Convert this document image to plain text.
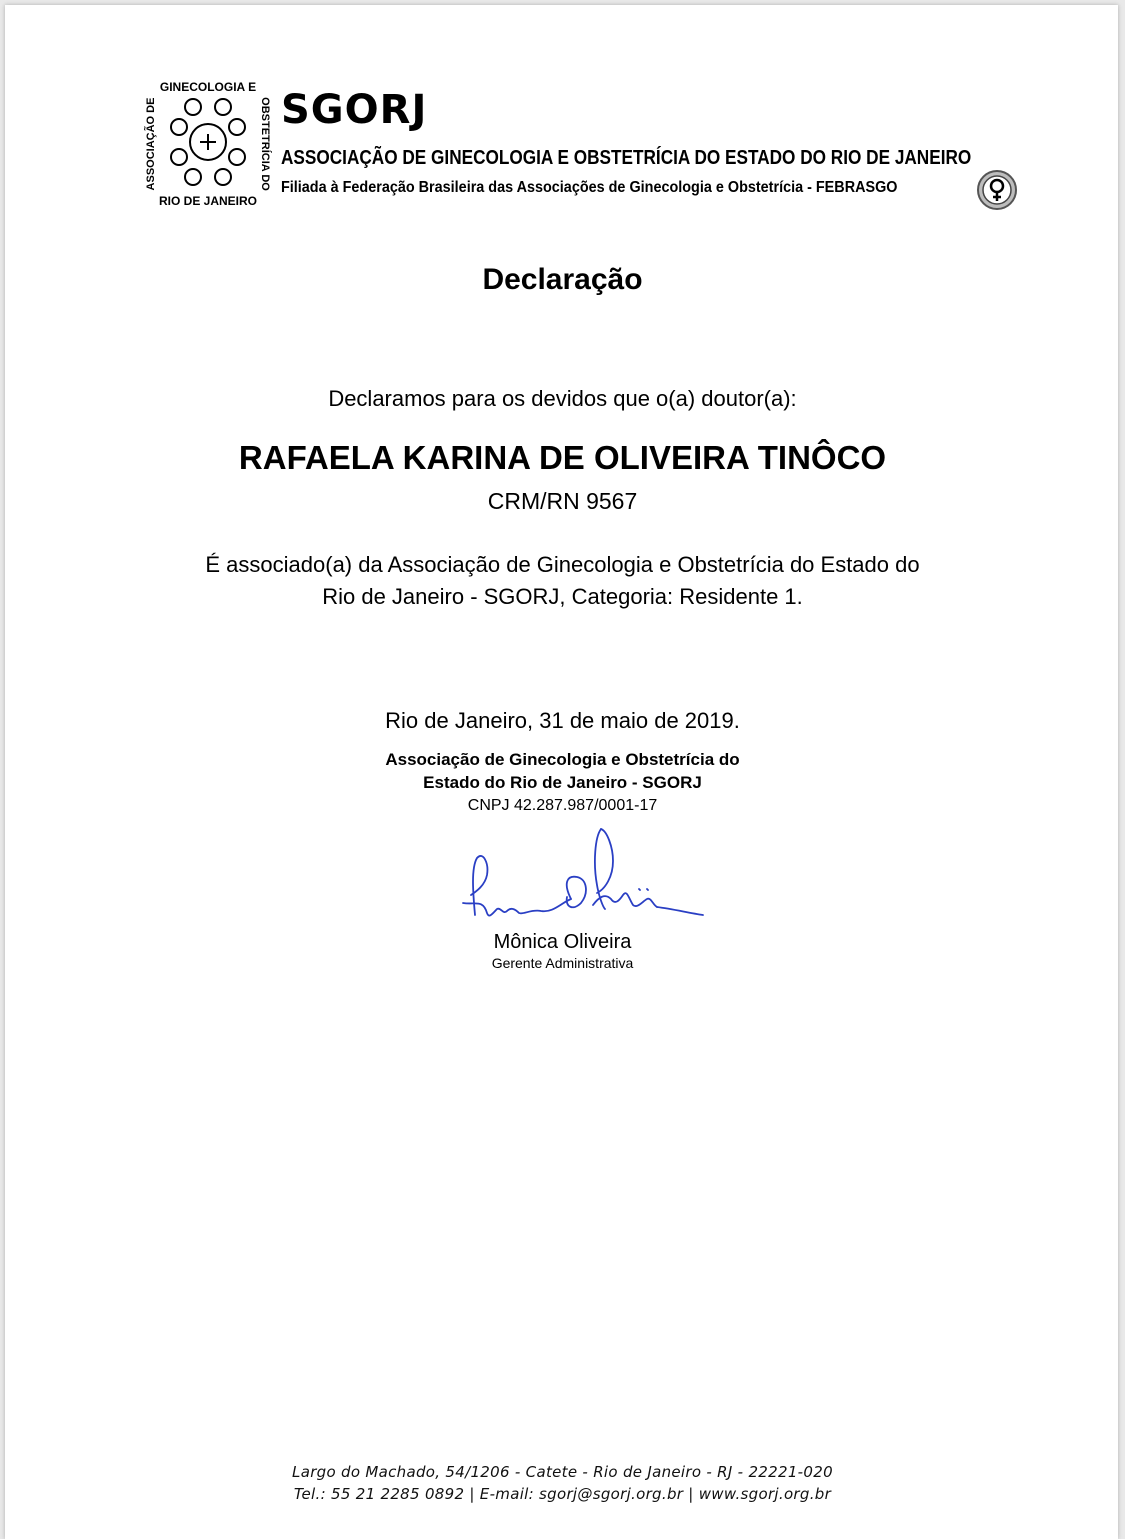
GINECOLOGIA E
RIO DE JANEIRO
ASSOCIAÇÃO DE	OBSTETRÍCIA DO SGORJ
ASSOCIAÇÃO DE GINECOLOGIA E OBSTETRÍCIA DO ESTADO DO RIO DE JANEIRO
Filiada à Federação Brasileira das Associações de Ginecologia e Obstetrícia - FEBRASGO
Declaração
Declaramos para os devidos que o(a) doutor(a):
RAFAELA KARINA DE OLIVEIRA TINÔCO
CRM/RN 9567
É associado(a) da Associação de Ginecologia e Obstetrícia do Estado do
Rio de Janeiro - SGORJ, Categoria: Residente 1.
Rio de Janeiro, 31 de maio de 2019.
Associação de Ginecologia e Obstetrícia do
Estado do Rio de Janeiro - SGORJ
CNPJ 42.287.987/0001-17
Mônica Oliveira
Gerente Administrativa
Largo do Machado, 54/1206 - Catete - Rio de Janeiro - RJ - 22221-020
Tel.: 55 21 2285 0892 | E-mail: sgorj@sgorj.org.br | www.sgorj.org.br
